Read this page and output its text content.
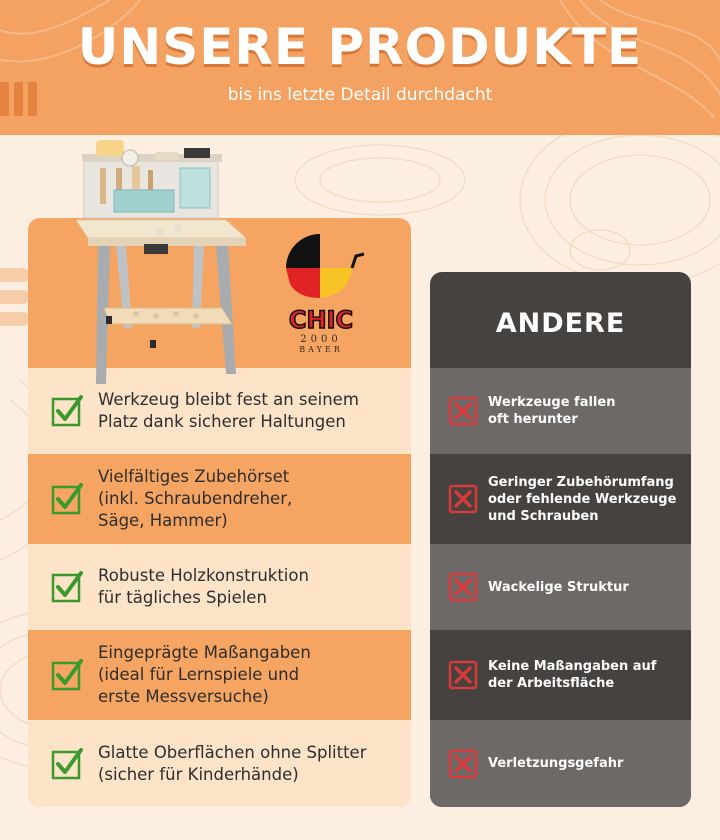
UNSERE PRODUKTE
bis ins letzte Detail durchdacht
Werkzeug bleibt fest an seinem
Platz dank sicherer Haltungen
Vielfältiges Zubehörset
(inkl. Schraubendreher,
Säge, Hammer)
Robuste Holzkonstruktion
für tägliches Spielen
Eingeprägte Maßangaben
(ideal für Lernspiele und
erste Messversuche)
Glatte Oberflächen ohne Splitter
(sicher für Kinderhände)
CHIC
2000
BAYER
ANDERE
Werkzeuge fallen
oft herunter
Geringer Zubehörumfang
oder fehlende Werkzeuge
und Schrauben
Wackelige Struktur
Keine Maßangaben auf
der Arbeitsfläche
Verletzungsgefahr
